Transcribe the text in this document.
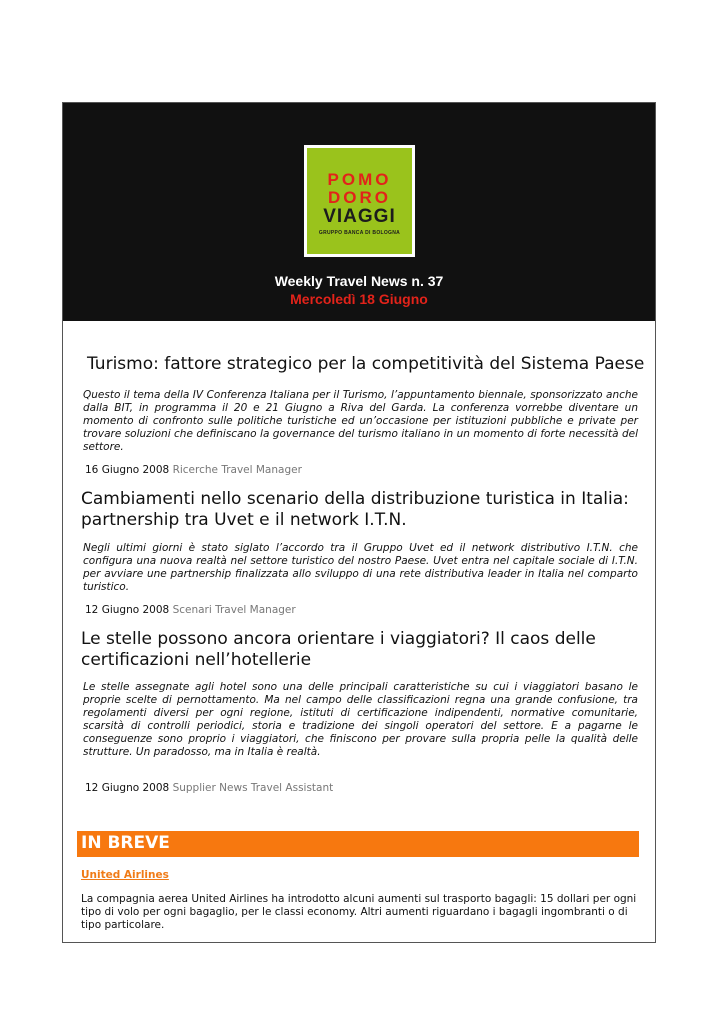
POMO
DORO
VIAGGI
GRUPPO BANCA DI BOLOGNA
Weekly Travel News n. 37
Mercoledì 18 Giugno
Turismo: fattore strategico per la competitività del Sistema Paese
Questo il tema della IV Conferenza Italiana per il Turismo, l’appuntamento biennale, sponsorizzato anche dalla BIT, in programma il 20 e 21 Giugno a Riva del Garda. La conferenza vorrebbe diventare un momento di confronto sulle politiche turistiche ed un’occasione per istituzioni pubbliche e private per trovare soluzioni che definiscano la governance del turismo italiano in un momento di forte necessità del settore.
16 Giugno 2008 Ricerche Travel Manager
Cambiamenti nello scenario della distribuzione turistica in Italia: partnership tra Uvet e il network I.T.N.
Negli ultimi giorni è stato siglato l’accordo tra il Gruppo Uvet ed il network distributivo I.T.N. che configura una nuova realtà nel settore turistico del nostro Paese. Uvet entra nel capitale sociale di I.T.N. per avviare une partnership finalizzata allo sviluppo di una rete distributiva leader in Italia nel comparto turistico.
12 Giugno 2008 Scenari Travel Manager
Le stelle possono ancora orientare i viaggiatori? Il caos delle certificazioni nell’hotellerie
Le stelle assegnate agli hotel sono una delle principali caratteristiche su cui i viaggiatori basano le proprie scelte di pernottamento. Ma nel campo delle classificazioni regna una grande confusione, tra regolamenti diversi per ogni regione, istituti di certificazione indipendenti, normative comunitarie, scarsità di controlli periodici, storia e tradizione dei singoli operatori del settore. E a pagarne le conseguenze sono proprio i viaggiatori, che finiscono per provare sulla propria pelle la qualità delle strutture. Un paradosso, ma in Italia è realtà.
12 Giugno 2008 Supplier News Travel Assistant
IN BREVE
United Airlines
La compagnia aerea United Airlines ha introdotto alcuni aumenti sul trasporto bagagli: 15 dollari per ogni tipo di volo per ogni bagaglio, per le classi economy. Altri aumenti riguardano i bagagli ingombranti o di tipo particolare.
